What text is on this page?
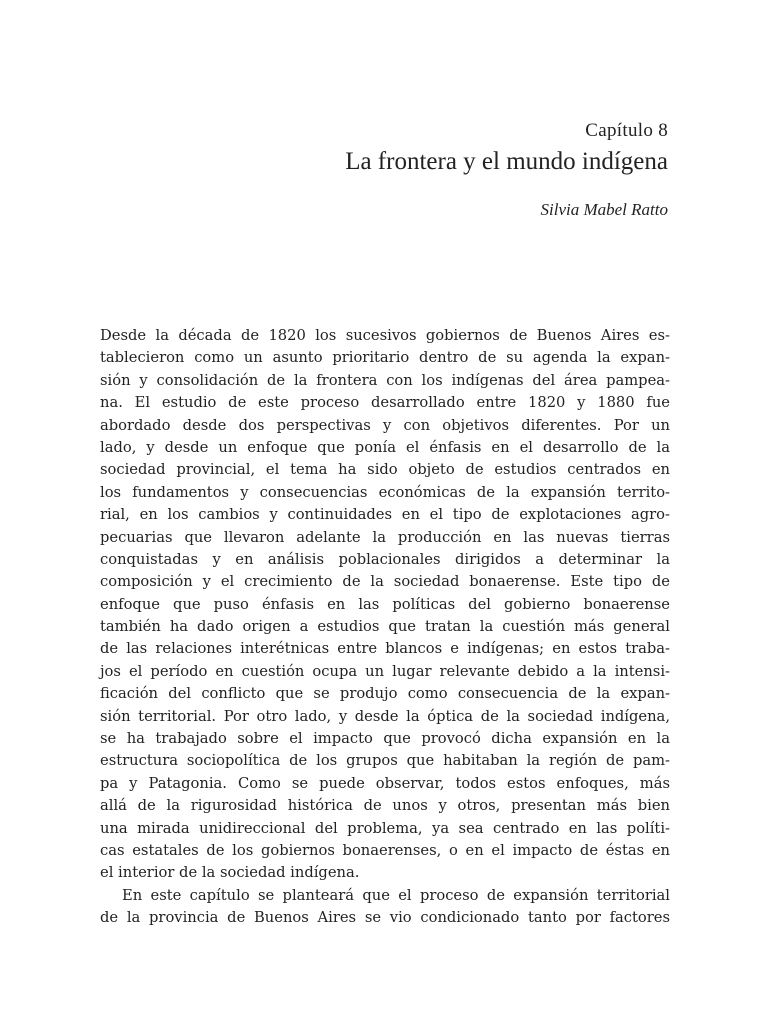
Capítulo 8
La frontera y el mundo indígena
Silvia Mabel Ratto
Desde la década de 1820 los sucesivos gobiernos de Buenos Aires es-
tablecieron como un asunto prioritario dentro de su agenda la expan-
sión y consolidación de la frontera con los indígenas del área pampea-
na. El estudio de este proceso desarrollado entre 1820 y 1880 fue
abordado desde dos perspectivas y con objetivos diferentes. Por un
lado, y desde un enfoque que ponía el énfasis en el desarrollo de la
sociedad provincial, el tema ha sido objeto de estudios centrados en
los fundamentos y consecuencias económicas de la expansión territo-
rial, en los cambios y continuidades en el tipo de explotaciones agro-
pecuarias que llevaron adelante la producción en las nuevas tierras
conquistadas y en análisis poblacionales dirigidos a determinar la
composición y el crecimiento de la sociedad bonaerense. Este tipo de
enfoque que puso énfasis en las políticas del gobierno bonaerense
también ha dado origen a estudios que tratan la cuestión más general
de las relaciones interétnicas entre blancos e indígenas; en estos traba-
jos el período en cuestión ocupa un lugar relevante debido a la intensi-
ficación del conflicto que se produjo como consecuencia de la expan-
sión territorial. Por otro lado, y desde la óptica de la sociedad indígena,
se ha trabajado sobre el impacto que provocó dicha expansión en la
estructura sociopolítica de los grupos que habitaban la región de pam-
pa y Patagonia. Como se puede observar, todos estos enfoques, más
allá de la rigurosidad histórica de unos y otros, presentan más bien
una mirada unidireccional del problema, ya sea centrado en las políti-
cas estatales de los gobiernos bonaerenses, o en el impacto de éstas en
el interior de la sociedad indígena.
En este capítulo se planteará que el proceso de expansión territorial
de la provincia de Buenos Aires se vio condicionado tanto por factores
